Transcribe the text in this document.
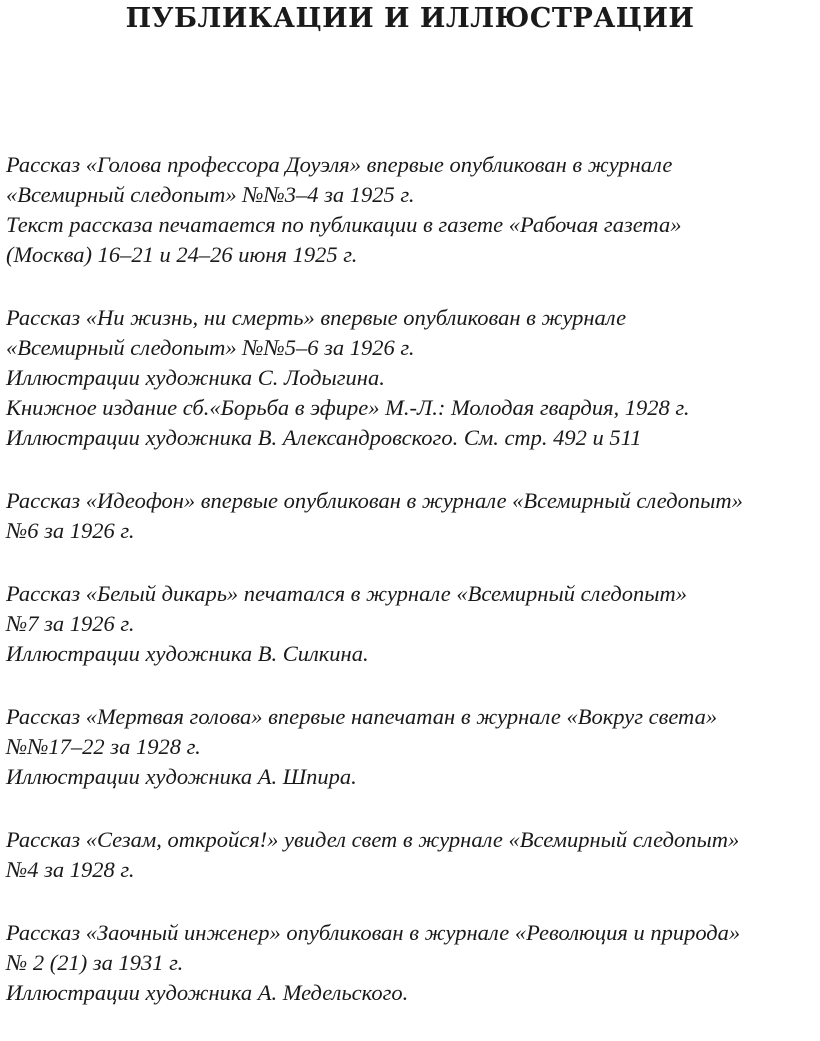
ПУБЛИКАЦИИ И ИЛЛЮСТРАЦИИ
Рассказ «Голова профессора Доуэля» впервые опубликован в журнале
«Всемирный следопыт» №№3–4 за 1925 г.
Текст рассказа печатается по публикации в газете «Рабочая газета»
(Москва) 16–21 и 24–26 июня 1925 г.
Рассказ «Ни жизнь, ни смерть» впервые опубликован в журнале
«Всемирный следопыт» №№5–6 за 1926 г.
Иллюстрации художника С. Лодыгина.
Книжное издание сб.«Борьба в эфире» М.-Л.: Молодая гвардия, 1928 г.
Иллюстрации художника В. Александровского. См. стр. 492 и 511
Рассказ «Идеофон» впервые опубликован в журнале «Всемирный следопыт»
№6 за 1926 г.
Рассказ «Белый дикарь» печатался в журнале «Всемирный следопыт»
№7 за 1926 г.
Иллюстрации художника В. Силкина.
Рассказ «Мертвая голова» впервые напечатан в журнале «Вокруг света»
№№17–22 за 1928 г.
Иллюстрации художника А. Шпира.
Рассказ «Сезам, откройся!» увидел свет в журнале «Всемирный следопыт»
№4 за 1928 г.
Рассказ «Заочный инженер» опубликован в журнале «Революция и природа»
№ 2 (21) за 1931 г.
Иллюстрации художника А. Медельского.
